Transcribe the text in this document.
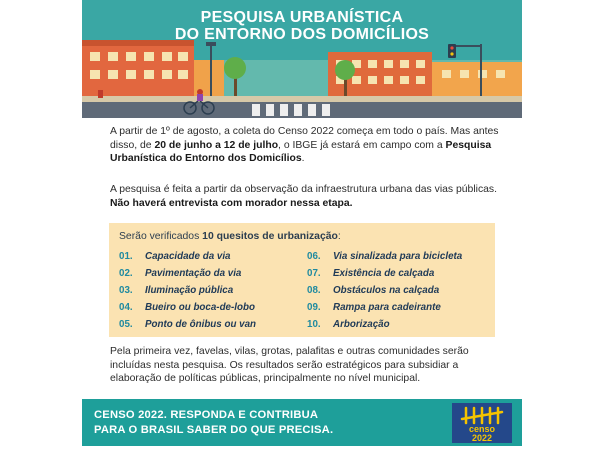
PESQUISA URBANÍSTICA
DO ENTORNO DOS DOMICÍLIOS
A partir de 1º de agosto, a coleta do Censo 2022 começa em todo o país. Mas antes disso, de 20 de junho a 12 de julho, o IBGE já estará em campo com a Pesquisa Urbanística do Entorno dos Domicílios.
A pesquisa é feita a partir da observação da infraestrutura urbana das vias públicas. Não haverá entrevista com morador nessa etapa.
Serão verificados 10 quesitos de urbanização:
01. Capacidade da via
02. Pavimentação da via
03. Iluminação pública
04. Bueiro ou boca-de-lobo
05. Ponto de ônibus ou van
06. Via sinalizada para bicicleta
07. Existência de calçada
08. Obstáculos na calçada
09. Rampa para cadeirante
10. Arborização
Pela primeira vez, favelas, vilas, grotas, palafitas e outras comunidades serão incluídas nesta pesquisa. Os resultados serão estratégicos para subsidiar a elaboração de políticas públicas, principalmente no nível municipal.
CENSO 2022. RESPONDA E CONTRIBUA
PARA O BRASIL SABER DO QUE PRECISA.	censo
2022
